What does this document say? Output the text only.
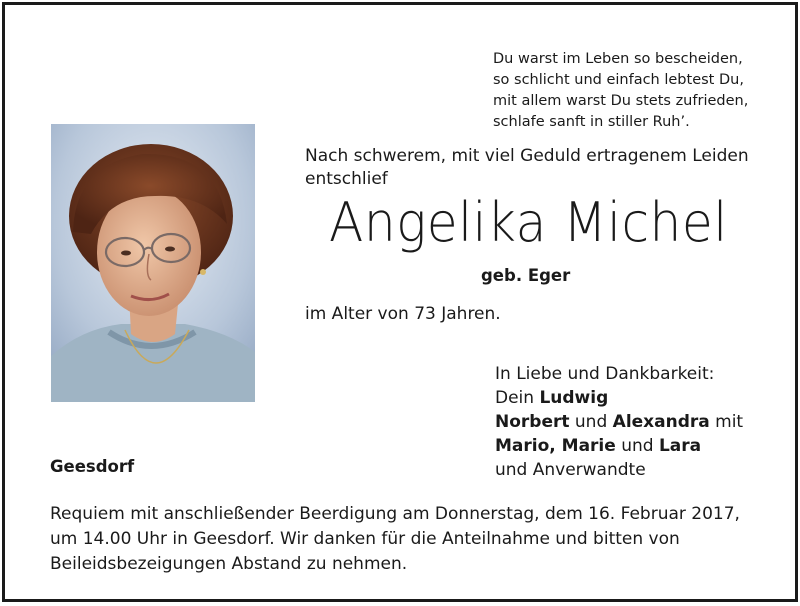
Du warst im Leben so bescheiden,
so schlicht und einfach lebtest Du,
mit allem warst Du stets zufrieden,
schlafe sanft in stiller Ruh’.
Nach schwerem, mit viel Geduld ertragenem Leiden
entschlief
Angelika Michel
geb. Eger
im Alter von 73 Jahren.
In Liebe und Dankbarkeit:
Dein Ludwig
Norbert und Alexandra mit
Mario, Marie und Lara
und Anverwandte
Geesdorf
Requiem mit anschließender Beerdigung am Donnerstag, dem 16. Februar 2017,
um 14.00 Uhr in Geesdorf. Wir danken für die Anteilnahme und bitten von
Beileidsbezeigungen Abstand zu nehmen.
